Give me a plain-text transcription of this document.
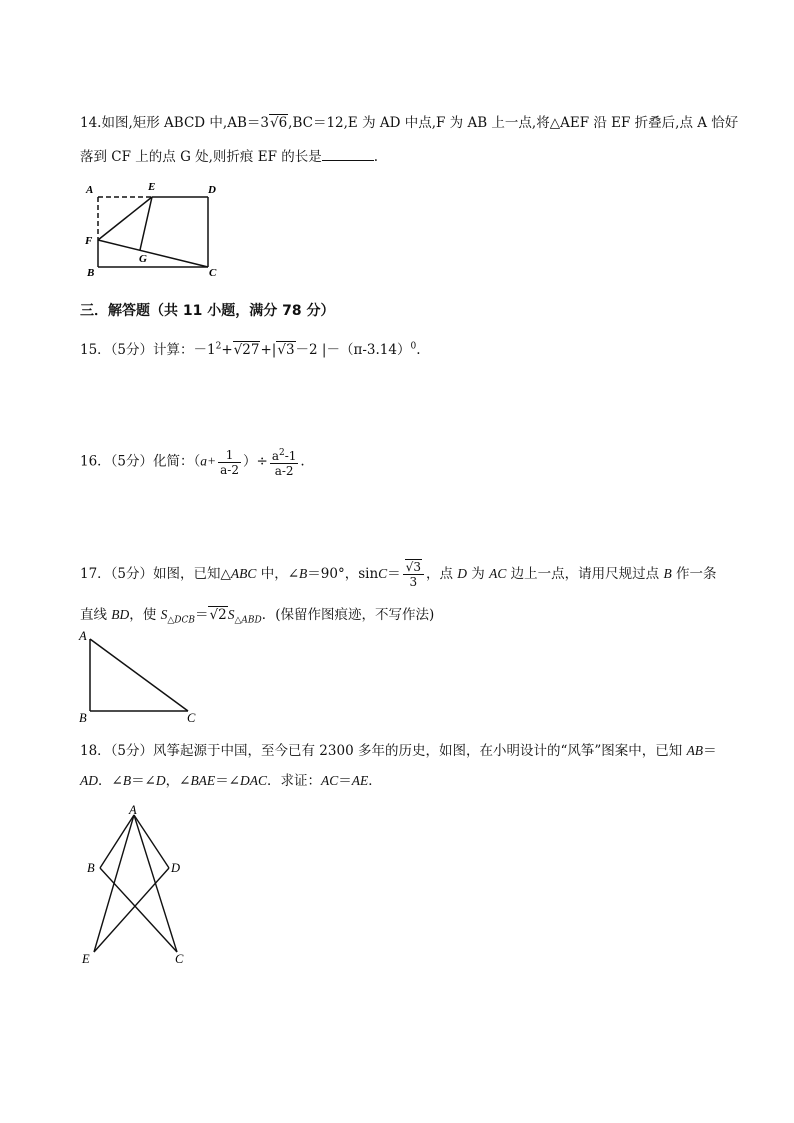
14.如图,矩形 ABCD 中,AB＝3√6,BC＝12,E 为 AD 中点,F 为 AB 上一点,将△AEF 沿 EF 折叠后,点 A 恰好
落到 CF 上的点 G 处,则折痕 EF 的长是	.
A	E	D
F
G
B	C
三．解答题（共 11 小题，满分 78 分）
15．（5分）计算：$-1^2+√27+|√3-2$ $|-(\pi-3.14)^0$.
16．（5分）化简：（$a+ \frac{1}{a-2}$ ）÷ $\frac{a^2-1}{a-2}$ .
17．（5分）如图，已知△ABC 中，∠B＝90°，$\sin C= \frac{√3}{3}$ ，点 D 为 AC 边上一点，请用尺规过点 B 作一条
直线 BD，使 $S_{\triangle DCB}=√2S_{\triangle ABD}$．(保留作图痕迹，不写作法)
A
B	C
18．（5分）风筝起源于中国，至今已有 2300 多年的历史，如图，在小明设计的“风筝”图案中，已知 AB＝
AD．∠B＝∠D，∠BAE＝∠DAC．求证：AC＝AE．
A
B	D
E	C
